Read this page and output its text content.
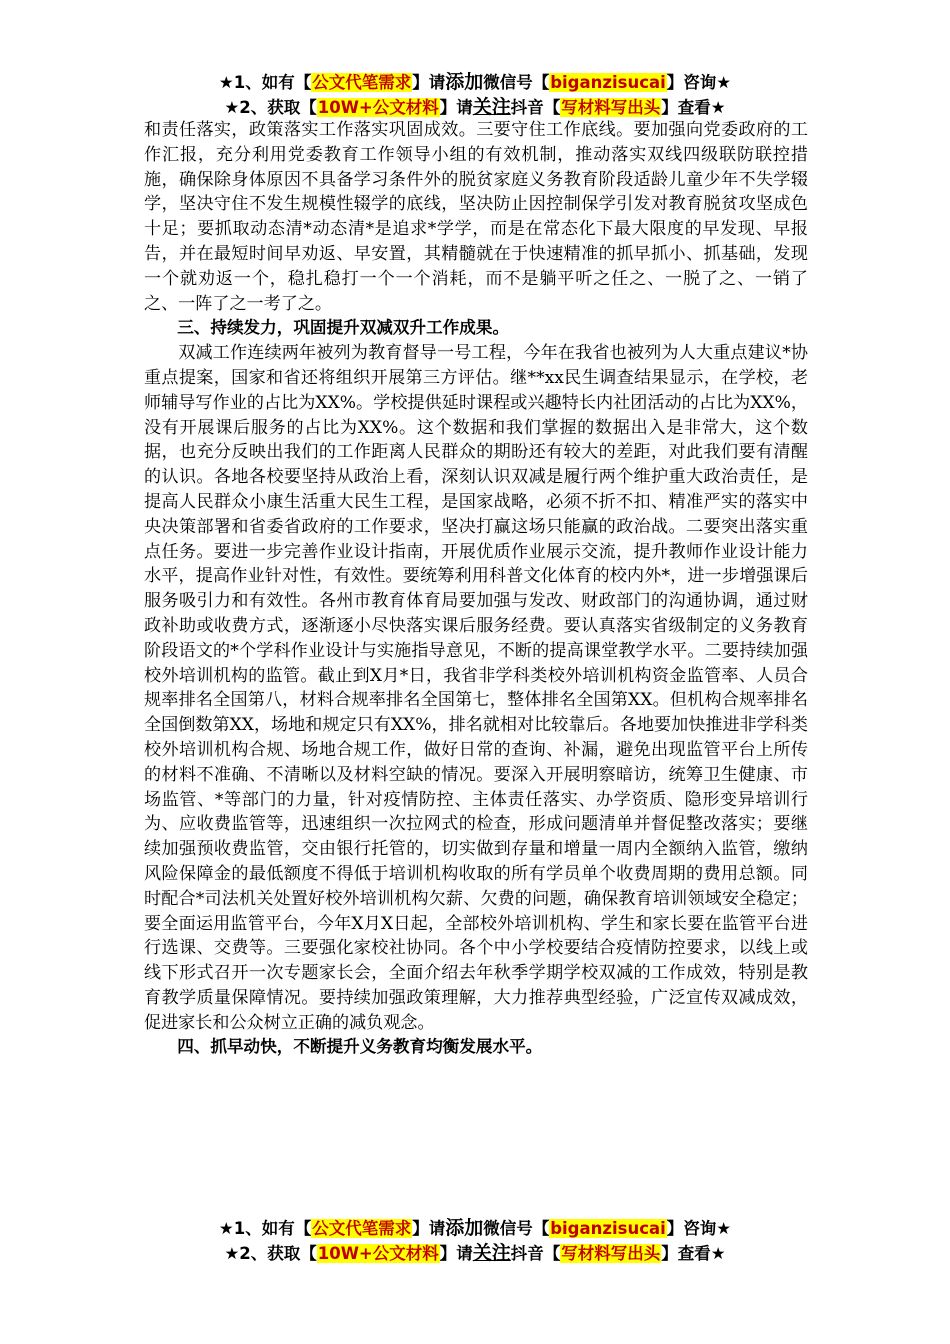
★1、如有【公文代笔需求】请添加微信号【biganzisucai】咨询★
★2、获取【10W+公文材料】请关注抖音【写材料写出头】查看★

和责任落实，政策落实工作落实巩固成效。三要守住工作底线。要加强向党委政府的工作汇报，充分利用党委教育工作领导小组的有效机制，推动落实双线四级联防联控措施，确保除身体原因不具备学习条件外的脱贫家庭义务教育阶段适龄儿童少年不失学辍学，坚决守住不发生规模性辍学的底线，坚决防止因控制保学引发对教育脱贫攻坚成色十足；要抓取动态清*动态清*是追求*学学，而是在常态化下最大限度的早发现、早报告，并在最短时间早劝返、早安置，其精髓就在于快速精准的抓早抓小、抓基础，发现一个就劝返一个，稳扎稳打一个一个消耗，而不是躺平听之任之、一脱了之、一销了之、一阵了之一考了之。

三、持续发力，巩固提升双减双升工作成果。

双减工作连续两年被列为教育督导一号工程，今年在我省也被列为人大重点建议*协重点提案，国家和省还将组织开展第三方评估。继**xx民生调查结果显示，在学校，老师辅导写作业的占比为XX%。学校提供延时课程或兴趣特长内社团活动的占比为XX%，没有开展课后服务的占比为XX%。这个数据和我们掌握的数据出入是非常大，这个数据，也充分反映出我们的工作距离人民群众的期盼还有较大的差距，对此我们要有清醒的认识。各地各校要坚持从政治上看，深刻认识双减是履行两个维护重大政治责任，是提高人民群众小康生活重大民生工程，是国家战略，必须不折不扣、精准严实的落实中央决策部署和省委省政府的工作要求，坚决打赢这场只能赢的政治战。二要突出落实重点任务。要进一步完善作业设计指南，开展优质作业展示交流，提升教师作业设计能力水平，提高作业针对性，有效性。要统筹利用科普文化体育的校内外*，进一步增强课后服务吸引力和有效性。各州市教育体育局要加强与发改、财政部门的沟通协调，通过财政补助或收费方式，逐渐逐小尽快落实课后服务经费。要认真落实省级制定的义务教育阶段语文的*个学科作业设计与实施指导意见，不断的提高课堂教学水平。二要持续加强校外培训机构的监管。截止到X月*日，我省非学科类校外培训机构资金监管率、人员合规率排名全国第八，材料合规率排名全国第七，整体排名全国第XX。但机构合规率排名全国倒数第XX，场地和规定只有XX%，排名就相对比较靠后。各地要加快推进非学科类校外培训机构合规、场地合规工作，做好日常的查询、补漏，避免出现监管平台上所传的材料不准确、不清晰以及材料空缺的情况。要深入开展明察暗访，统筹卫生健康、市场监管、*等部门的力量，针对疫情防控、主体责任落实、办学资质、隐形变异培训行为、应收费监管等，迅速组织一次拉网式的检查，形成问题清单并督促整改落实；要继续加强预收费监管，交由银行托管的，切实做到存量和增量一周内全额纳入监管，缴纳风险保障金的最低额度不得低于培训机构收取的所有学员单个收费周期的费用总额。同时配合*司法机关处置好校外培训机构欠薪、欠费的问题，确保教育培训领域安全稳定；要全面运用监管平台，今年X月X日起，全部校外培训机构、学生和家长要在监管平台进行选课、交费等。三要强化家校社协同。各个中小学校要结合疫情防控要求，以线上或线下形式召开一次专题家长会，全面介绍去年秋季学期学校双减的工作成效，特别是教育教学质量保障情况。要持续加强政策理解，大力推荐典型经验，广泛宣传双减成效，促进家长和公众树立正确的减负观念。

四、抓早动快，不断提升义务教育均衡发展水平。

★1、如有【公文代笔需求】请添加微信号【biganzisucai】咨询★
★2、获取【10W+公文材料】请关注抖音【写材料写出头】查看★
